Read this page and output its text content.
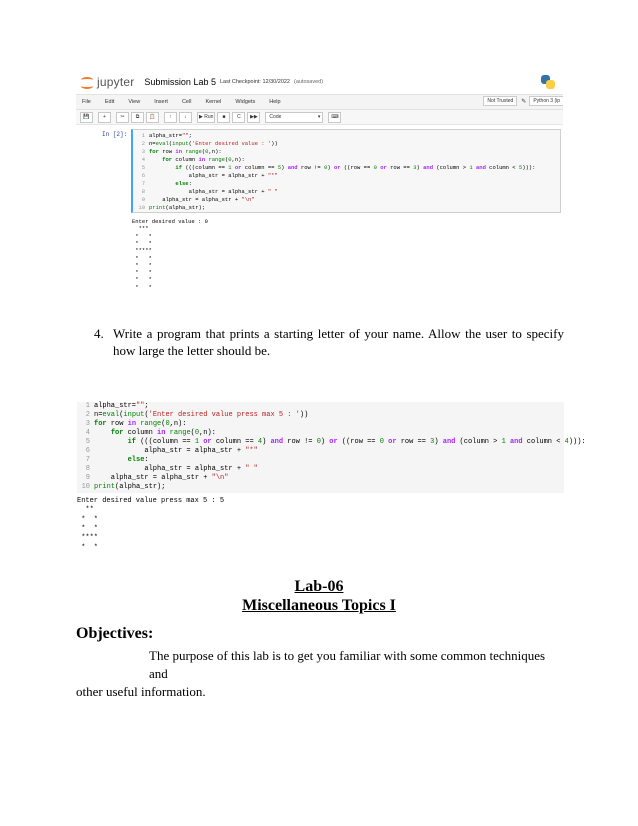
jupyter Submission Lab 5 Last Checkpoint: 12/30/2022 (autosaved)
File	Edit	View	Insert	Cell	Kernel	Widgets	Help	Not Trusted	✎	Python 3 (ip
💾	+	✂	⧉	📋	↑	↓	▶ Run	■	C	▶▶	Code ▾	⌨
In [2]:	1 alpha_str="";
2 n=eval(input('Enter desired value : '))
3 for row in range(0,n):
4	for column in range(0,n):
5	if (((column == 1 or column == 5) and row != 0) or ((row == 0 or row == 3) and (column > 1 and column < 5))):
6            alpha_str = alpha_str + "*"
7	else:
8            alpha_str = alpha_str + " "
9    alpha_str = alpha_str + "\n"
10 print(alpha_str);
Enter desired value : 9
***
*   *
*   *
*****
*   *
*   *
*   *
*   *
*   *
4. Write a program that prints a starting letter of your name. Allow the user to specify how large the letter should be.
1 alpha_str="";
2 n=eval(input('Enter desired value press max 5 : '))
3 for row in range(0,n):
4	for column in range(0,n):
5	if (((column == 1 or column == 4) and row != 0) or ((row == 0 or row == 3) and (column > 1 and column < 4))):
6            alpha_str = alpha_str + "*"
7	else:
8            alpha_str = alpha_str + " "
9    alpha_str = alpha_str + "\n"
10 print(alpha_str);
Enter desired value press max 5 : 5
**
*  *
*  *
****
*  *
Lab-06
Miscellaneous Topics I
Objectives:
The purpose of this lab is to get you familiar with some common techniques and
other useful information.
